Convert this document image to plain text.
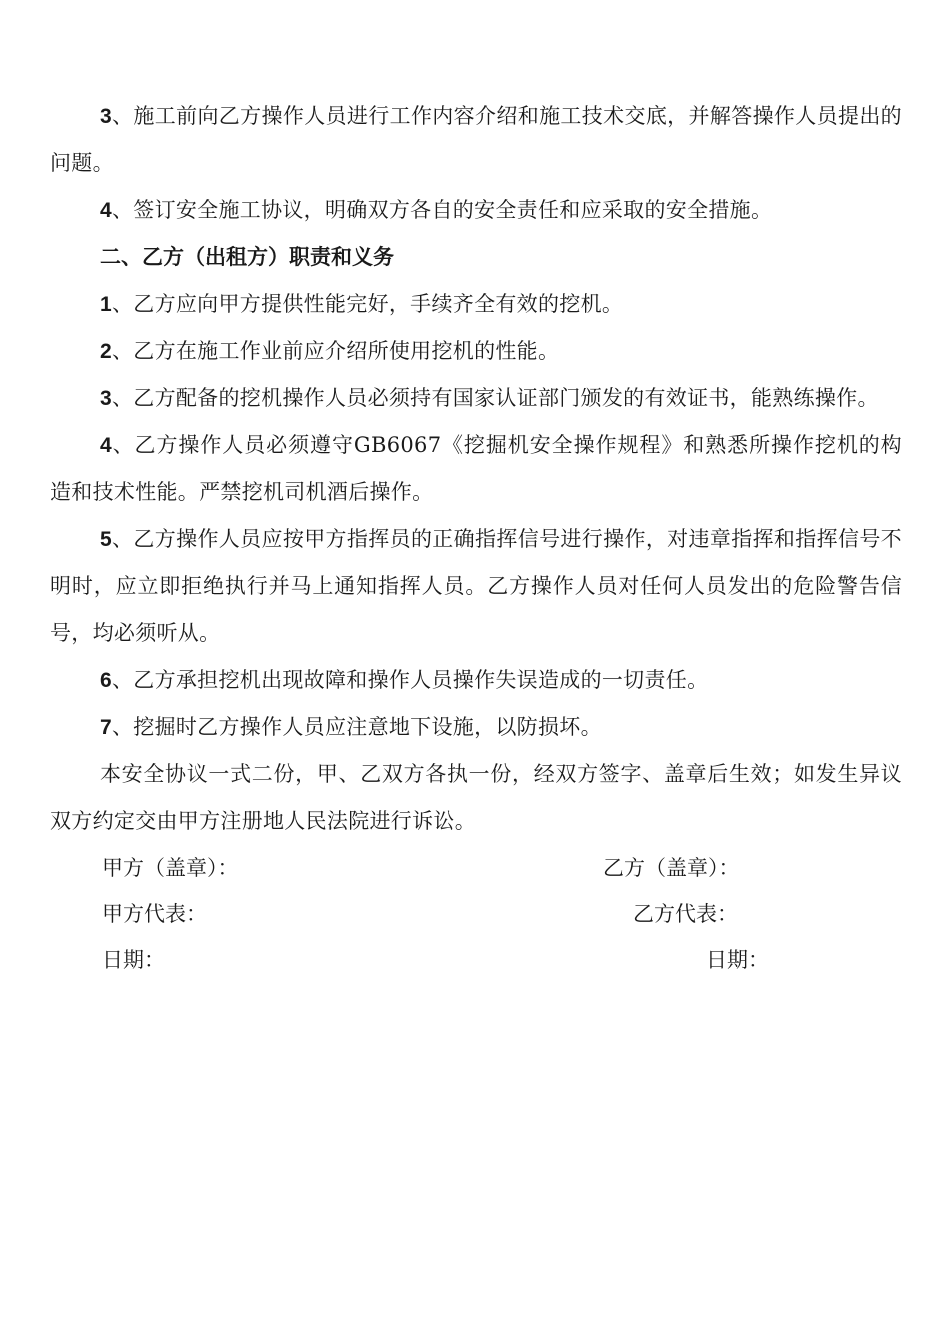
3、施工前向乙方操作人员进行工作内容介绍和施工技术交底，并解答操作人员提出的问题。

4、签订安全施工协议，明确双方各自的安全责任和应采取的安全措施。

二、乙方（出租方）职责和义务

1、乙方应向甲方提供性能完好，手续齐全有效的挖机。

2、乙方在施工作业前应介绍所使用挖机的性能。

3、乙方配备的挖机操作人员必须持有国家认证部门颁发的有效证书，能熟练操作。

4、乙方操作人员必须遵守GB6067《挖掘机安全操作规程》和熟悉所操作挖机的构造和技术性能。严禁挖机司机酒后操作。

5、乙方操作人员应按甲方指挥员的正确指挥信号进行操作，对违章指挥和指挥信号不明时，应立即拒绝执行并马上通知指挥人员。乙方操作人员对任何人员发出的危险警告信号，均必须听从。

6、乙方承担挖机出现故障和操作人员操作失误造成的一切责任。

7、挖掘时乙方操作人员应注意地下设施，以防损坏。

本安全协议一式二份，甲、乙双方各执一份，经双方签字、盖章后生效；如发生异议双方约定交由甲方注册地人民法院进行诉讼。

甲方（盖章）：	乙方（盖章）：
甲方代表：	乙方代表：
日期：	日期：
